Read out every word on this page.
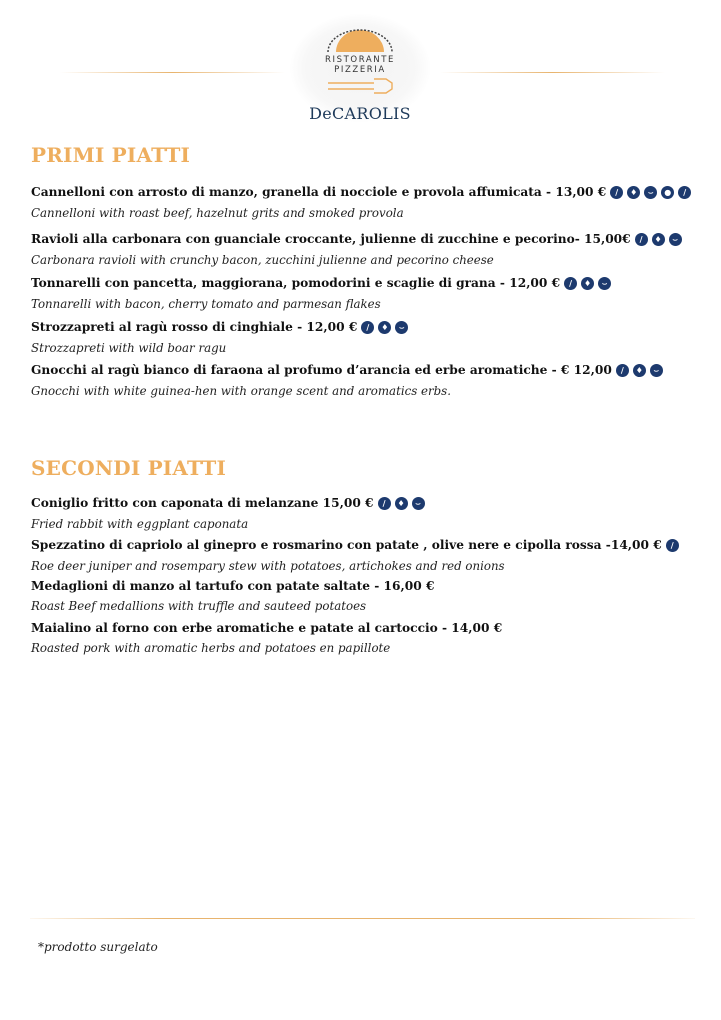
RISTORANTE
PIZZERIA
DeCAROLIS
PRIMI PIATTI
Cannelloni con arrosto di manzo, granella di nocciole e provola affumicata - 13,00 € ∕ ♦ ⌣ ● ∕
Cannelloni with roast beef, hazelnut grits and smoked provola
Ravioli alla carbonara con guanciale croccante, julienne di zucchine e pecorino- 15,00€ ∕ ♦ ⌣
Carbonara ravioli with crunchy bacon, zucchini julienne and pecorino cheese
Tonnarelli con pancetta, maggiorana, pomodorini e scaglie di grana - 12,00 € ∕ ♦ ⌣
Tonnarelli with bacon, cherry tomato and parmesan flakes
Strozzapreti al ragù rosso di cinghiale - 12,00 € ∕ ♦ ⌣
Strozzapreti with wild boar ragu
Gnocchi al ragù bianco di faraona al profumo d’arancia ed erbe aromatiche - € 12,00 ∕ ♦ ⌣
Gnocchi with white guinea-hen with orange scent and aromatics erbs.
SECONDI PIATTI
Coniglio fritto con caponata di melanzane 15,00 € ∕ ♦ ⌣
Fried rabbit with eggplant caponata
Spezzatino di capriolo al ginepro e rosmarino con patate , olive nere e cipolla rossa -14,00 € ∕
Roe deer juniper and rosempary stew with potatoes, artichokes and red onions
Medaglioni di manzo al tartufo con patate saltate - 16,00 €
Roast Beef medallions with truffle and sauteed potatoes
Maialino al forno con erbe aromatiche e patate al cartoccio - 14,00 €
Roasted pork with aromatic herbs and potatoes en papillote
*prodotto surgelato
